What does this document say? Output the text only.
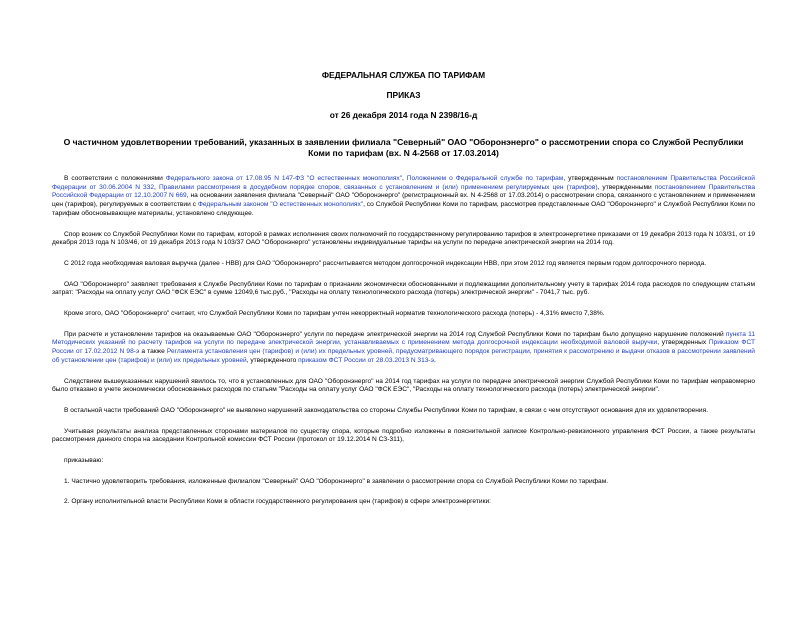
ФЕДЕРАЛЬНАЯ СЛУЖБА ПО ТАРИФАМ
ПРИКАЗ
от 26 декабря 2014 года N 2398/16-д
О частичном удовлетворении требований, указанных в заявлении филиала "Северный" ОАО "Оборонэнерго" о рассмотрении спора со Службой Республики Коми по тарифам (вх. N 4-2568 от 17.03.2014)

В соответствии с положениями Федерального закона от 17.08.95 N 147-ФЗ "О естественных монополиях", Положением о Федеральной службе по тарифам, утвержденным постановлением Правительства Российской Федерации от 30.06.2004 N 332, Правилами рассмотрения в досудебном порядке споров, связанных с установлением и (или) применением регулируемых цен (тарифов), утвержденными постановлением Правительства Российской Федерации от 12.10.2007 N 669, на основании заявления филиала "Северный" ОАО "Оборонэнерго" (регистрационный вх. N 4-2568 от 17.03.2014) о рассмотрении спора, связанного с установлением и применением цен (тарифов), регулируемых в соответствии с Федеральным законом "О естественных монополиях", со Службой Республики Коми по тарифам, рассмотрев представленные ОАО "Оборонэнерго" и Службой Республики Коми по тарифам обосновывающие материалы, установлено следующее.

Спор возник со Службой Республики Коми по тарифам, которой в рамках исполнения своих полномочий по государственному регулированию тарифов в электроэнергетике приказами от 19 декабря 2013 года N 103/31, от 19 декабря 2013 года N 103/46, от 19 декабря 2013 года N 103/37 ОАО "Оборонэнерго" установлены индивидуальные тарифы на услуги по передаче электрической энергии на 2014 год.

С 2012 года необходимая валовая выручка (далее - НВВ) для ОАО "Оборонэнерго" рассчитывается методом долгосрочной индексации НВВ, при этом 2012 год является первым годом долгосрочного периода.

ОАО "Оборонэнерго" заявляет требования к Службе Республики Коми по тарифам о признании экономически обоснованными и подлежащими дополнительному учету в тарифах 2014 года расходов по следующим статьям затрат: "Расходы на оплату услуг ОАО "ФСК ЕЭС" в сумме 12049,6 тыс.руб., "Расходы на оплату технологического расхода (потерь) электрической энергии" - 7041,7 тыс. руб.

Кроме этого, ОАО "Оборонэнерго" считает, что Службой Республики Коми по тарифам учтен некорректный норматив технологического расхода (потерь) - 4,31% вместо 7,38%.

При расчете и установлении тарифов на оказываемые ОАО "Оборонэнерго" услуги по передаче электрической энергии на 2014 год Службой Республики Коми по тарифам было допущено нарушение положений пункта 11 Методических указаний по расчету тарифов на услуги по передаче электрической энергии, устанавливаемых с применением метода долгосрочной индексации необходимой валовой выручки, утвержденных Приказом ФСТ России от 17.02.2012 N 98-э а также Регламента установления цен (тарифов) и (или) их предельных уровней, предусматривающего порядок регистрации, принятия к рассмотрению и выдачи отказов в рассмотрении заявлений об установлении цен (тарифов) и (или) их предельных уровней, утвержденного приказом ФСТ России от 28.03.2013 N 313-э.

Следствием вышеуказанных нарушений явилось то, что в установленных для ОАО "Оборонэнерго" на 2014 год тарифах на услуги по передаче электрической энергии Службой Республики Коми по тарифам неправомерно было отказано в учете экономически обоснованных расходов по статьям "Расходы на оплату услуг ОАО "ФСК ЕЭС", "Расходы на оплату технологического расхода (потерь) электрической энергии".

В остальной части требований ОАО "Оборонэнерго" не выявлено нарушений законодательства со стороны Службы Республики Коми по тарифам, в связи с чем отсутствуют основания для их удовлетворения.

Учитывая результаты анализа представленных сторонами материалов по существу спора, которые подробно изложены в пояснительной записке Контрольно-ревизионного управления ФСТ России, а также результаты рассмотрения данного спора на заседании Контрольной комиссии ФСТ России (протокол от 19.12.2014 N СЗ-311),

приказываю:

1. Частично удовлетворить требования, изложенные филиалом "Северный" ОАО "Оборонэнерго" в заявлении о рассмотрении спора со Службой Республики Коми по тарифам.

2. Органу исполнительной власти Республики Коми в области государственного регулирования цен (тарифов) в сфере электроэнергетики:
